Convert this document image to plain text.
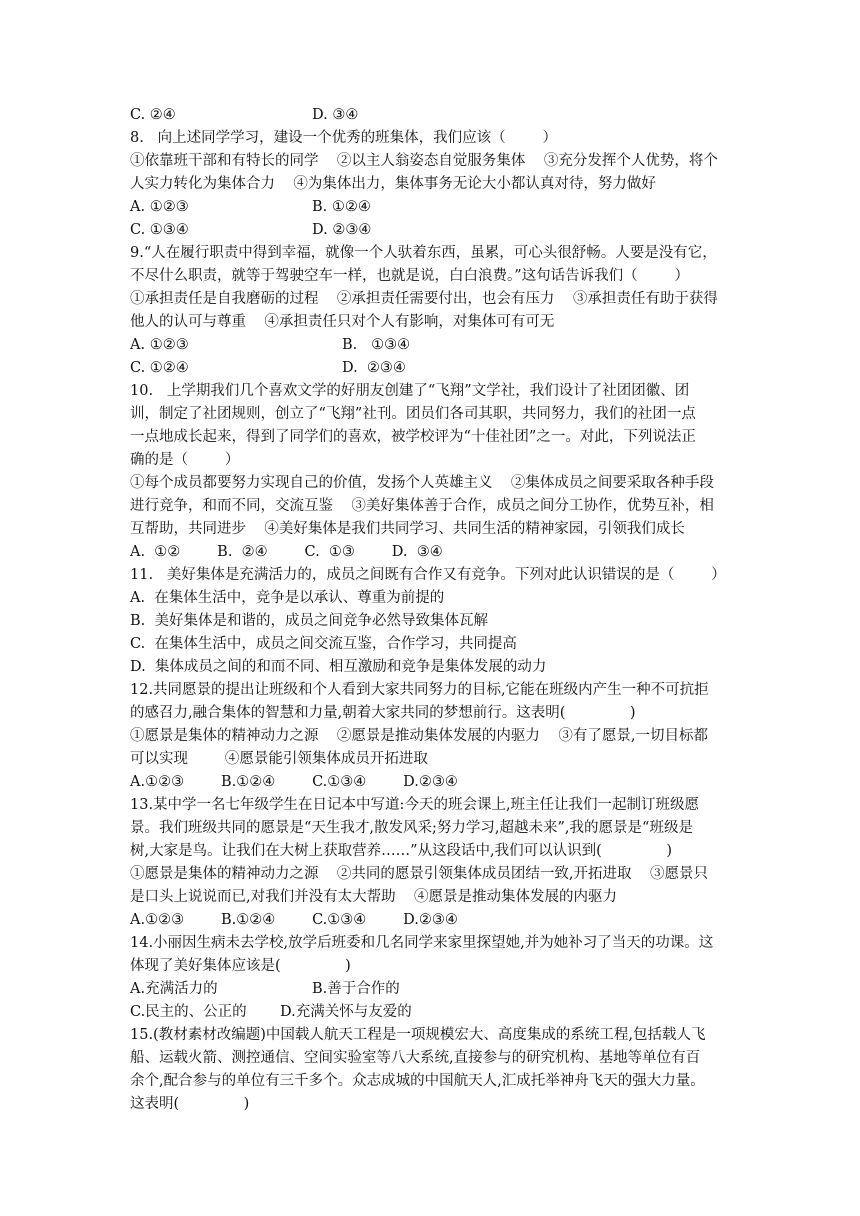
C. ②④	D. ③④
8.   向上述同学学习，建设一个优秀的班集体，我们应该（        ）
①依靠班干部和有特长的同学    ②以主人翁姿态自觉服务集体    ③充分发挥个人优势，将个
人实力转化为集体合力    ④为集体出力，集体事务无论大小都认真对待，努力做好
A. ①②③	B. ①②④
C. ①③④	D. ②③④
9.“人在履行职责中得到幸福，就像一个人驮着东西，虽累，可心头很舒畅。人要是没有它，
不尽什么职责，就等于驾驶空车一样，也就是说，白白浪费。”这句话告诉我们（        ）
①承担责任是自我磨砺的过程    ②承担责任需要付出，也会有压力    ③承担责任有助于获得
他人的认可与尊重    ④承担责任只对个人有影响，对集体可有可无
A. ①②③	B.   ①③④
C. ①②④	D.  ②③④
10.   上学期我们几个喜欢文学的好朋友创建了“飞翔”文学社，我们设计了社团团徽、团
训，制定了社团规则，创立了“飞翔”社刊。团员们各司其职，共同努力，我们的社团一点
一点地成长起来，得到了同学们的喜欢，被学校评为“十佳社团”之一。对此，下列说法正
确的是（        ）
①每个成员都要努力实现自己的价值，发扬个人英雄主义    ②集体成员之间要采取各种手段
进行竞争，和而不同，交流互鉴    ③美好集体善于合作，成员之间分工协作，优势互补，相
互帮助，共同进步    ④美好集体是我们共同学习、共同生活的精神家园，引领我们成长
A.  ①②        B.  ②④        C.  ①③        D.  ③④
11.   美好集体是充满活力的，成员之间既有合作又有竞争。下列对此认识错误的是（        ）
A.  在集体生活中，竞争是以承认、尊重为前提的
B.  美好集体是和谐的，成员之间竞争必然导致集体瓦解
C.  在集体生活中，成员之间交流互鉴，合作学习，共同提高
D.  集体成员之间的和而不同、相互激励和竞争是集体发展的动力
12.共同愿景的提出让班级和个人看到大家共同努力的目标,它能在班级内产生一种不可抗拒
的感召力,融合集体的智慧和力量,朝着大家共同的梦想前行。这表明(              )
①愿景是集体的精神动力之源    ②愿景是推动集体发展的内驱力    ③有了愿景,一切目标都
可以实现        ④愿景能引领集体成员开拓进取
A.①②③        B.①②④        C.①③④        D.②③④
13.某中学一名七年级学生在日记本中写道:今天的班会课上,班主任让我们一起制订班级愿
景。我们班级共同的愿景是“天生我才,散发风采;努力学习,超越未来”,我的愿景是“班级是
树,大家是鸟。让我们在大树上获取营养……”从这段话中,我们可以认识到(              )
①愿景是集体的精神动力之源    ②共同的愿景引领集体成员团结一致,开拓进取    ③愿景只
是口头上说说而已,对我们并没有太大帮助    ④愿景是推动集体发展的内驱力
A.①②③        B.①②④        C.①③④        D.②③④
14.小丽因生病未去学校,放学后班委和几名同学来家里探望她,并为她补习了当天的功课。这
体现了美好集体应该是(              )
A.充满活力的	B.善于合作的
C.民主的、公正的 D.充满关怀与友爱的
15.(教材素材改编题)中国载人航天工程是一项规模宏大、高度集成的系统工程,包括载人飞
船、运载火箭、测控通信、空间实验室等八大系统,直接参与的研究机构、基地等单位有百
余个,配合参与的单位有三千多个。众志成城的中国航天人,汇成托举神舟飞天的强大力量。
这表明(              )
